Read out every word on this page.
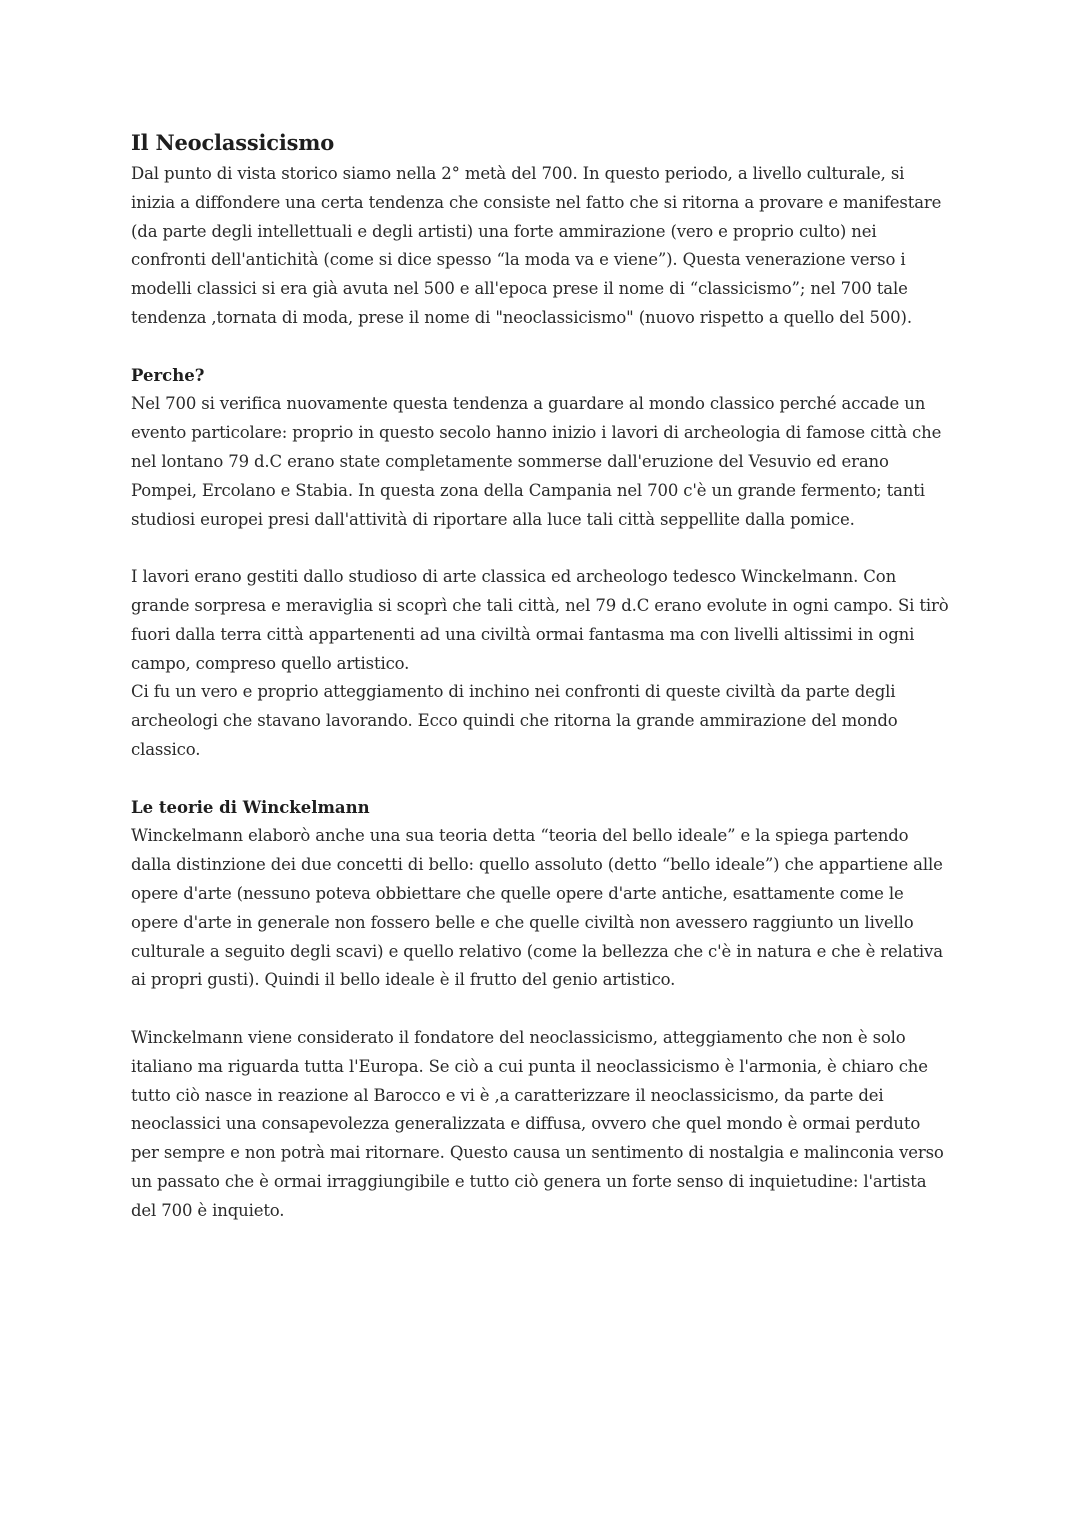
Il Neoclassicismo

Dal punto di vista storico siamo nella 2° metà del 700. In questo periodo, a livello culturale, si inizia a diffondere una certa tendenza che consiste nel fatto che si ritorna a provare e manifestare (da parte degli intellettuali e degli artisti) una forte ammirazione (vero e proprio culto) nei confronti dell'antichità (come si dice spesso “la moda va e viene”). Questa venerazione verso i modelli classici si era già avuta nel 500 e all'epoca prese il nome di “classicismo”; nel 700 tale tendenza ,tornata di moda, prese il nome di "neoclassicismo" (nuovo rispetto a quello del 500).

Perche?

Nel 700 si verifica nuovamente questa tendenza a guardare al mondo classico perché accade un evento particolare: proprio in questo secolo hanno inizio i lavori di archeologia di famose città che nel lontano 79 d.C erano state completamente sommerse dall'eruzione del Vesuvio ed erano Pompei, Ercolano e Stabia. In questa zona della Campania nel 700 c'è un grande fermento; tanti studiosi europei presi dall'attività di riportare alla luce tali città seppellite dalla pomice.

I lavori erano gestiti dallo studioso di arte classica ed archeologo tedesco Winckelmann. Con grande sorpresa e meraviglia si scoprì che tali città, nel 79 d.C erano evolute in ogni campo. Si tirò fuori dalla terra città appartenenti ad una civiltà ormai fantasma ma con livelli altissimi in ogni campo, compreso quello artistico.

Ci fu un vero e proprio atteggiamento di inchino nei confronti di queste civiltà da parte degli archeologi che stavano lavorando. Ecco quindi che ritorna la grande ammirazione del mondo classico.

Le teorie di Winckelmann

Winckelmann elaborò anche una sua teoria detta “teoria del bello ideale” e la spiega partendo dalla distinzione dei due concetti di bello: quello assoluto (detto “bello ideale”) che appartiene alle opere d'arte (nessuno poteva obbiettare che quelle opere d'arte antiche, esattamente come le opere d'arte in generale non fossero belle e che quelle civiltà non avessero raggiunto un livello culturale a seguito degli scavi) e quello relativo (come la bellezza che c'è in natura e che è relativa ai propri gusti). Quindi il bello ideale è il frutto del genio artistico.

Winckelmann viene considerato il fondatore del neoclassicismo, atteggiamento che non è solo italiano ma riguarda tutta l'Europa. Se ciò a cui punta il neoclassicismo è l'armonia, è chiaro che tutto ciò nasce in reazione al Barocco e vi è ,a caratterizzare il neoclassicismo, da parte dei neoclassici una consapevolezza generalizzata e diffusa, ovvero che quel mondo è ormai perduto per sempre e non potrà mai ritornare. Questo causa un sentimento di nostalgia e malinconia verso un passato che è ormai irraggiungibile e tutto ciò genera un forte senso di inquietudine: l'artista del 700 è inquieto.
